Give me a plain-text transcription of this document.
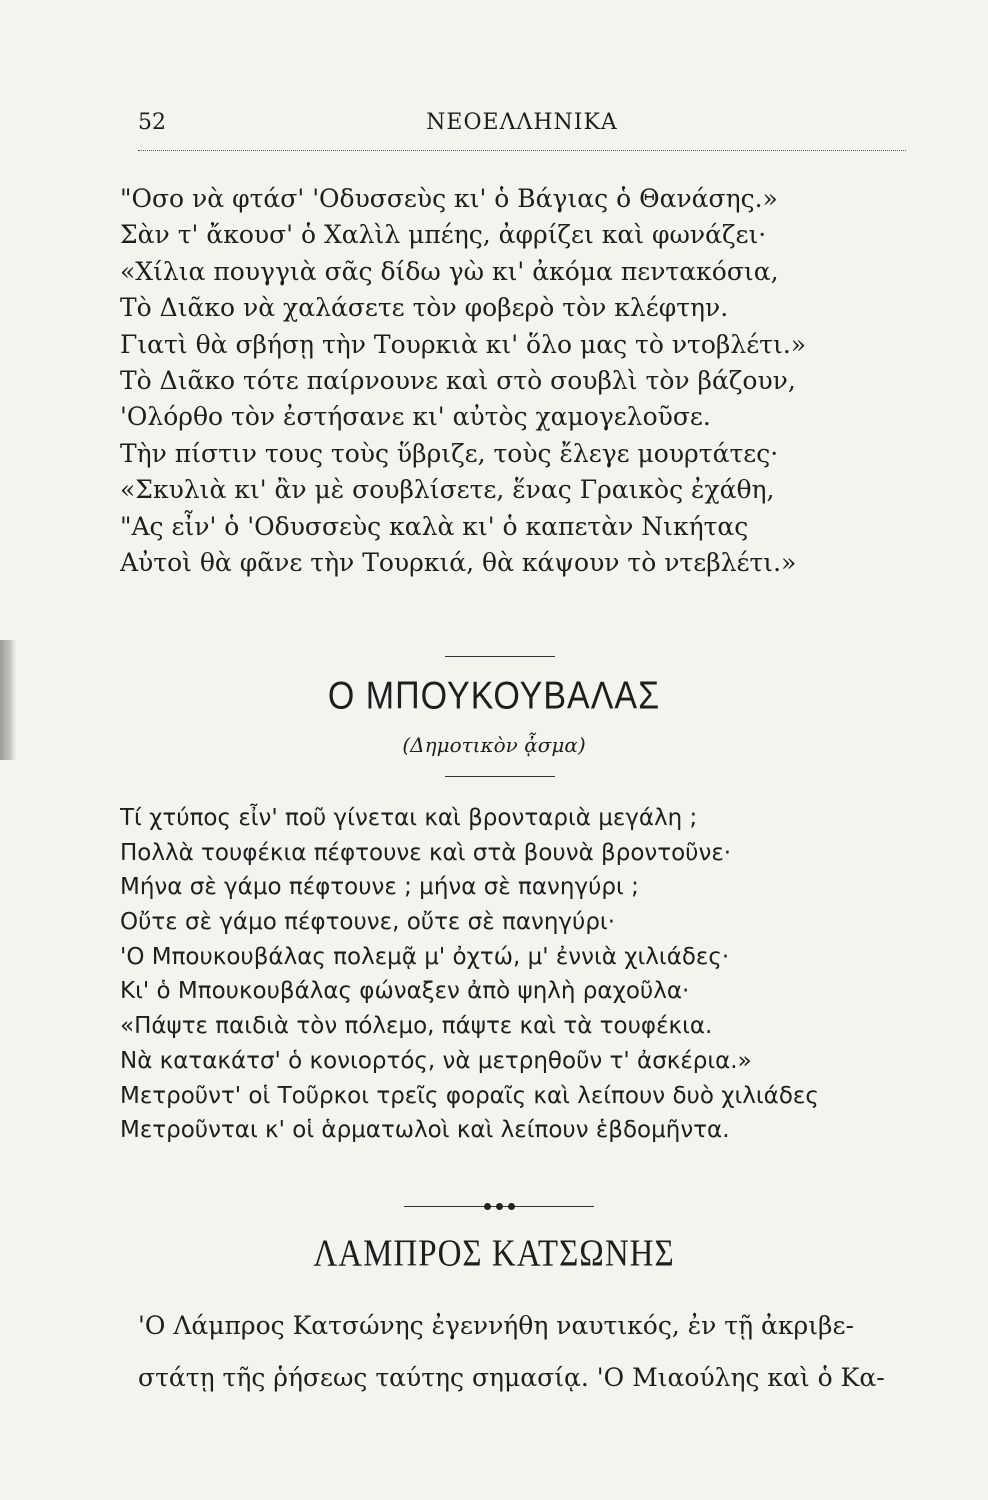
52	ΝΕΟΕΛΛΗΝΙΚΑ
"Οσο νὰ φτάσ' 'Οδυσσεὺς κι' ὁ Βάγιας ὁ Θανάσης.»
Σὰν τ' ἄκουσ' ὁ Χαλὶλ μπέης, ἀφρίζει καὶ φωνάζει·
«Χίλια πουγγιὰ σᾶς δίδω γὼ κι' ἀκόμα πεντακόσια,
Τὸ Διᾶκο νὰ χαλάσετε τὸν φοβερὸ τὸν κλέφτην.
Γιατὶ θὰ σβήσῃ τὴν Τουρκιὰ κι' ὅλο μας τὸ ντοβλέτι.»
Τὸ Διᾶκο τότε παίρνουνε καὶ στὸ σουβλὶ τὸν βάζουν,
'Ολόρθο τὸν ἐστήσανε κι' αὐτὸς χαμογελοῦσε.
Τὴν πίστιν τους τοὺς ὕβριζε, τοὺς ἔλεγε μουρτάτες·
«Σκυλιὰ κι' ἂν μὲ σουβλίσετε, ἕνας Γραικὸς ἐχάθη,
"Ας εἶν' ὁ 'Οδυσσεὺς καλὰ κι' ὁ καπετὰν Νικήτας
Αὐτοὶ θὰ φᾶνε τὴν Τουρκιά, θὰ κάψουν τὸ ντεβλέτι.»
Ο ΜΠΟΥΚΟΥΒΑΛΑΣ
(Δημοτικὸν ᾆσμα)
Τί χτύπος εἶν' ποῦ γίνεται καὶ βρονταριὰ μεγάλη ;
Πολλὰ τουφέκια πέφτουνε καὶ στὰ βουνὰ βροντοῦνε·
Μήνα σὲ γάμο πέφτουνε ; μήνα σὲ πανηγύρι ;
Οὔτε σὲ γάμο πέφτουνε, οὔτε σὲ πανηγύρι·
'Ο Μπουκουβάλας πολεμᾷ μ' ὀχτώ, μ' ἐννιὰ χιλιάδες·
Κι' ὁ Μπουκουβάλας φώναξεν ἀπὸ ψηλὴ ραχοῦλα·
«Πάψτε παιδιὰ τὸν πόλεμο, πάψτε καὶ τὰ τουφέκια.
Νὰ κατακάτσ' ὁ κονιορτός, νὰ μετρηθοῦν τ' ἀσκέρια.»
Μετροῦντ' οἱ Τοῦρκοι τρεῖς φοραῖς καὶ λείπουν δυὸ χιλιάδες
Μετροῦνται κ' οἱ ἁρματωλοὶ καὶ λείπουν ἑβδομῆντα.
ΛΑΜΠΡΟΣ ΚΑΤΣΩΝΗΣ
'Ο Λάμπρος Κατσώνης ἐγεννήθη ναυτικός, ἐν τῇ ἀκριβε-
στάτῃ τῆς ῥήσεως ταύτης σημασίᾳ. 'Ο Μιαούλης καὶ ὁ Κα-
